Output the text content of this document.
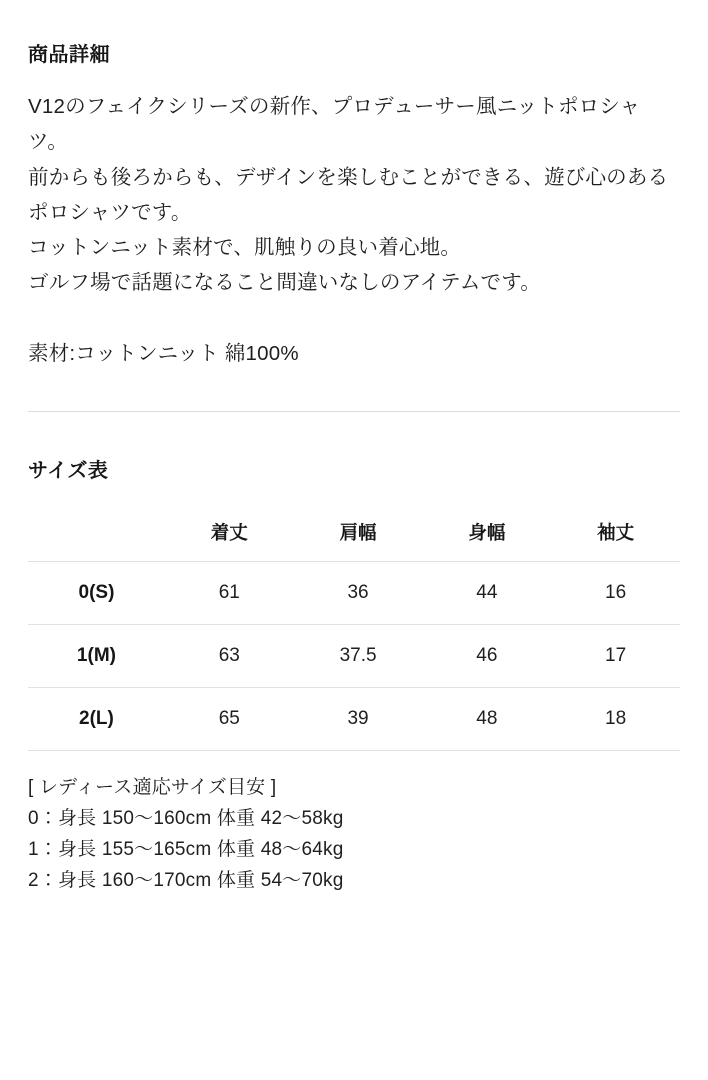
商品詳細

V12のフェイクシリーズの新作、プロデューサー風ニットポロシャツ。

前からも後ろからも、デザインを楽しむことができる、遊び心のあるポロシャツです。

コットンニット素材で、肌触りの良い着心地。

ゴルフ場で話題になること間違いなしのアイテムです。

素材:コットンニット 綿100%
サイズ表
	着丈	肩幅	身幅	袖丈
0(S)	61	36	44	16
1(M)	63	37.5	46	17
2(L)	65	39	48	18
[ レディース適応サイズ目安 ]
0：身長 150〜160cm 体重 42〜58kg
1：身長 155〜165cm 体重 48〜64kg
2：身長 160〜170cm 体重 54〜70kg
